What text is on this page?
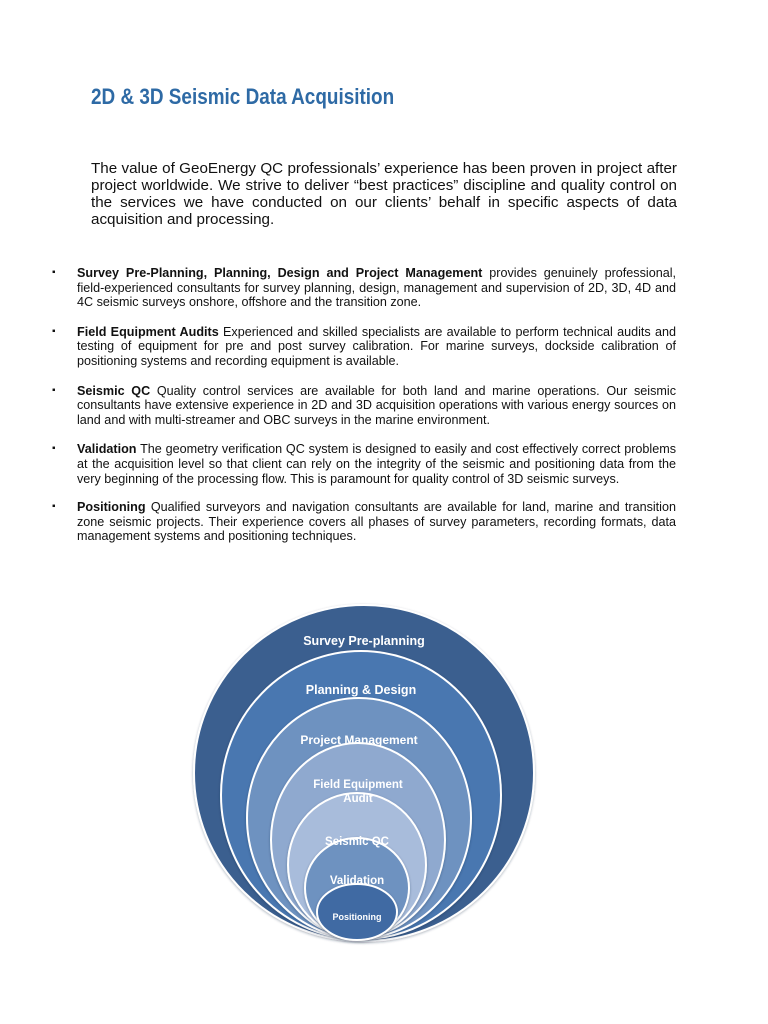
2D & 3D Seismic Data Acquisition
The value of GeoEnergy QC professionals’ experience has been proven in project after project worldwide. We strive to deliver “best practices” discipline and quality control on the services we have conducted on our clients’ behalf in specific aspects of data acquisition and processing.
▪ Survey Pre-Planning, Planning, Design and Project Management provides genuinely professional, field-experienced consultants for survey planning, design, management and supervision of 2D, 3D, 4D and 4C seismic surveys onshore, offshore and the transition zone.
▪ Field Equipment Audits Experienced and skilled specialists are available to perform technical audits and testing of equipment for pre and post survey calibration. For marine surveys, dockside calibration of positioning systems and recording equipment is available.
▪ Seismic QC Quality control services are available for both land and marine operations. Our seismic consultants have extensive experience in 2D and 3D acquisition operations with various energy sources on land and with multi-streamer and OBC surveys in the marine environment.
▪ Validation The geometry verification QC system is designed to easily and cost effectively correct problems at the acquisition level so that client can rely on the integrity of the seismic and positioning data from the very beginning of the processing flow. This is paramount for quality control of 3D seismic surveys.
▪ Positioning Qualified surveyors and navigation consultants are available for land, marine and transition zone seismic projects. Their experience covers all phases of survey parameters, recording formats, data management systems and positioning techniques.
Survey Pre-planning
Planning & Design
Project Management
Field Equipment
Audit
Seismic QC
Validation
Positioning
